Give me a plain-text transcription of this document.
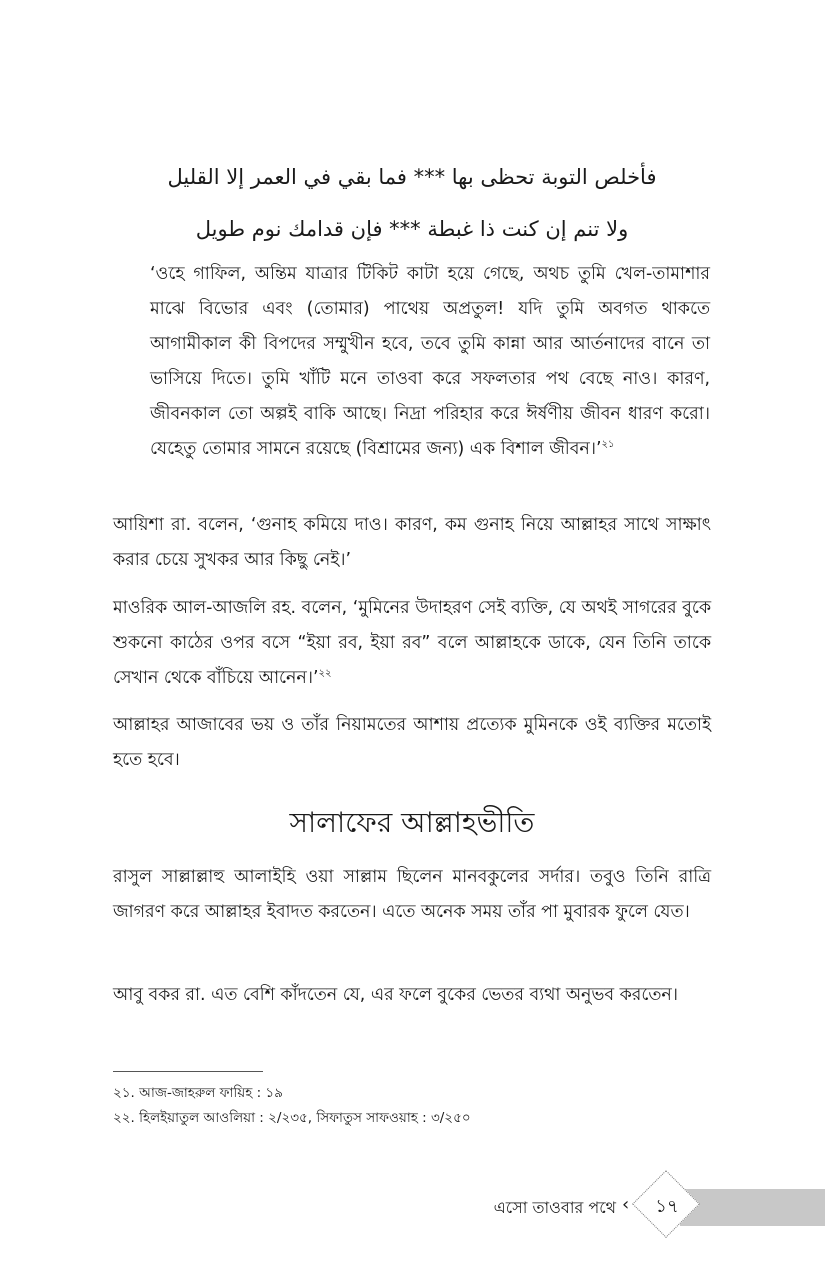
فأخلص التوبة تحظى بها *** فما بقي في العمر إلا القليل
ولا تنم إن كنت ذا غبطة *** فإن قدامك نوم طويل

‘ওহে গাফিল, অন্তিম যাত্রার টিকিট কাটা হয়ে গেছে, অথচ তুমি খেল-তামাশার মাঝে বিভোর এবং (তোমার) পাথেয় অপ্রতুল! যদি তুমি অবগত থাকতে আগামীকাল কী বিপদের সম্মুখীন হবে, তবে তুমি কান্না আর আর্তনাদের বানে তা ভাসিয়ে দিতে। তুমি খাঁটি মনে তাওবা করে সফলতার পথ বেছে নাও। কারণ, জীবনকাল তো অল্পই বাকি আছে। নিদ্রা পরিহার করে ঈর্ষণীয় জীবন ধারণ করো। যেহেতু তোমার সামনে রয়েছে (বিশ্রামের জন্য) এক বিশাল জীবন।’$^{২১}$

আয়িশা রা. বলেন, ‘গুনাহ কমিয়ে দাও। কারণ, কম গুনাহ নিয়ে আল্লাহর সাথে সাক্ষাৎ করার চেয়ে সুখকর আর কিছু নেই।’

মাওরিক আল-আজলি রহ. বলেন, ‘মুমিনের উদাহরণ সেই ব্যক্তি, যে অথই সাগরের বুকে শুকনো কাঠের ওপর বসে “ইয়া রব, ইয়া রব” বলে আল্লাহকে ডাকে, যেন তিনি তাকে সেখান থেকে বাঁচিয়ে আনেন।’$^{২২}$

আল্লাহর আজাবের ভয় ও তাঁর নিয়ামতের আশায় প্রত্যেক মুমিনকে ওই ব্যক্তির মতোই হতে হবে।

সালাফের আল্লাহভীতি

রাসুল সাল্লাল্লাহু আলাইহি ওয়া সাল্লাম ছিলেন মানবকুলের সর্দার। তবুও তিনি রাত্রি জাগরণ করে আল্লাহর ইবাদত করতেন। এতে অনেক সময় তাঁর পা মুবারক ফুলে যেত।

আবু বকর রা. এত বেশি কাঁদতেন যে, এর ফলে বুকের ভেতর ব্যথা অনুভব করতেন।

২১. আজ-জাহরুল ফায়িহ : ১৯
২২. হিলইয়াতুল আওলিয়া : ২/২৩৫, সিফাতুস সাফওয়াহ : ৩/২৫০
১৭
‹
এসো তাওবার পথে
